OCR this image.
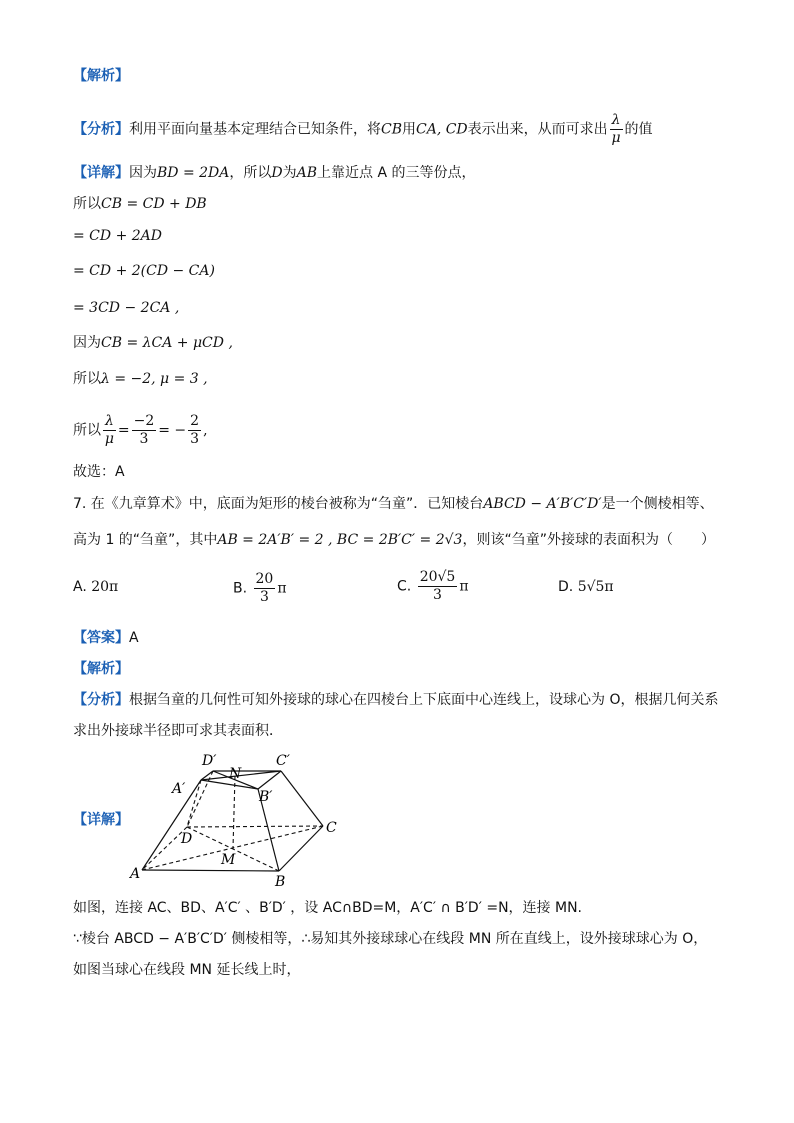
【解析】
【分析】利用平面向量基本定理结合已知条件，将CB用CA, CD表示出来，从而可求出 $\frac{\lambda}{\mu}$ 的值
【详解】因为BD = 2DA，所以D为AB上靠近点 A 的三等份点，
所以CB = CD + DB
= CD + 2AD
= CD + 2(CD − CA)
= 3CD − 2CA ,
因为CB = λCA + μCD ,
所以λ = −2, μ = 3 ,
所以 $\frac{\lambda}{\mu} = \frac{-2}{3}$ = − $\frac{2}{3}$ ,
故选：A
7. 在《九章算术》中，底面为矩形的棱台被称为“刍童”．已知棱台ABCD − A′B′C′D′是一个侧棱相等、
高为 1 的“刍童”，其中AB = 2A′B′ = 2 , BC = 2B′C′ = 2√3，则该“刍童”外接球的表面积为（　　）
A. 20π	B. $\frac{20}{3}$ π	C. $\frac{20√5}{3}$ π	D. 5√5π
【答案】A
【解析】
【分析】根据刍童的几何性可知外接球的球心在四棱台上下底面中心连线上，设球心为 O，根据几何关系
求出外接球半径即可求其表面积．
【详解】
D′	C′
N
A′	B′
C
D
M
A	B
如图，连接 AC、BD、A′C′ 、B′D′ ，设 AC∩BD=M，A′C′ ∩ B′D′ =N，连接 MN.
∵棱台 ABCD − A′B′C′D′ 侧棱相等，∴易知其外接球球心在线段 MN 所在直线上，设外接球球心为 O，
如图当球心在线段 MN 延长线上时，
